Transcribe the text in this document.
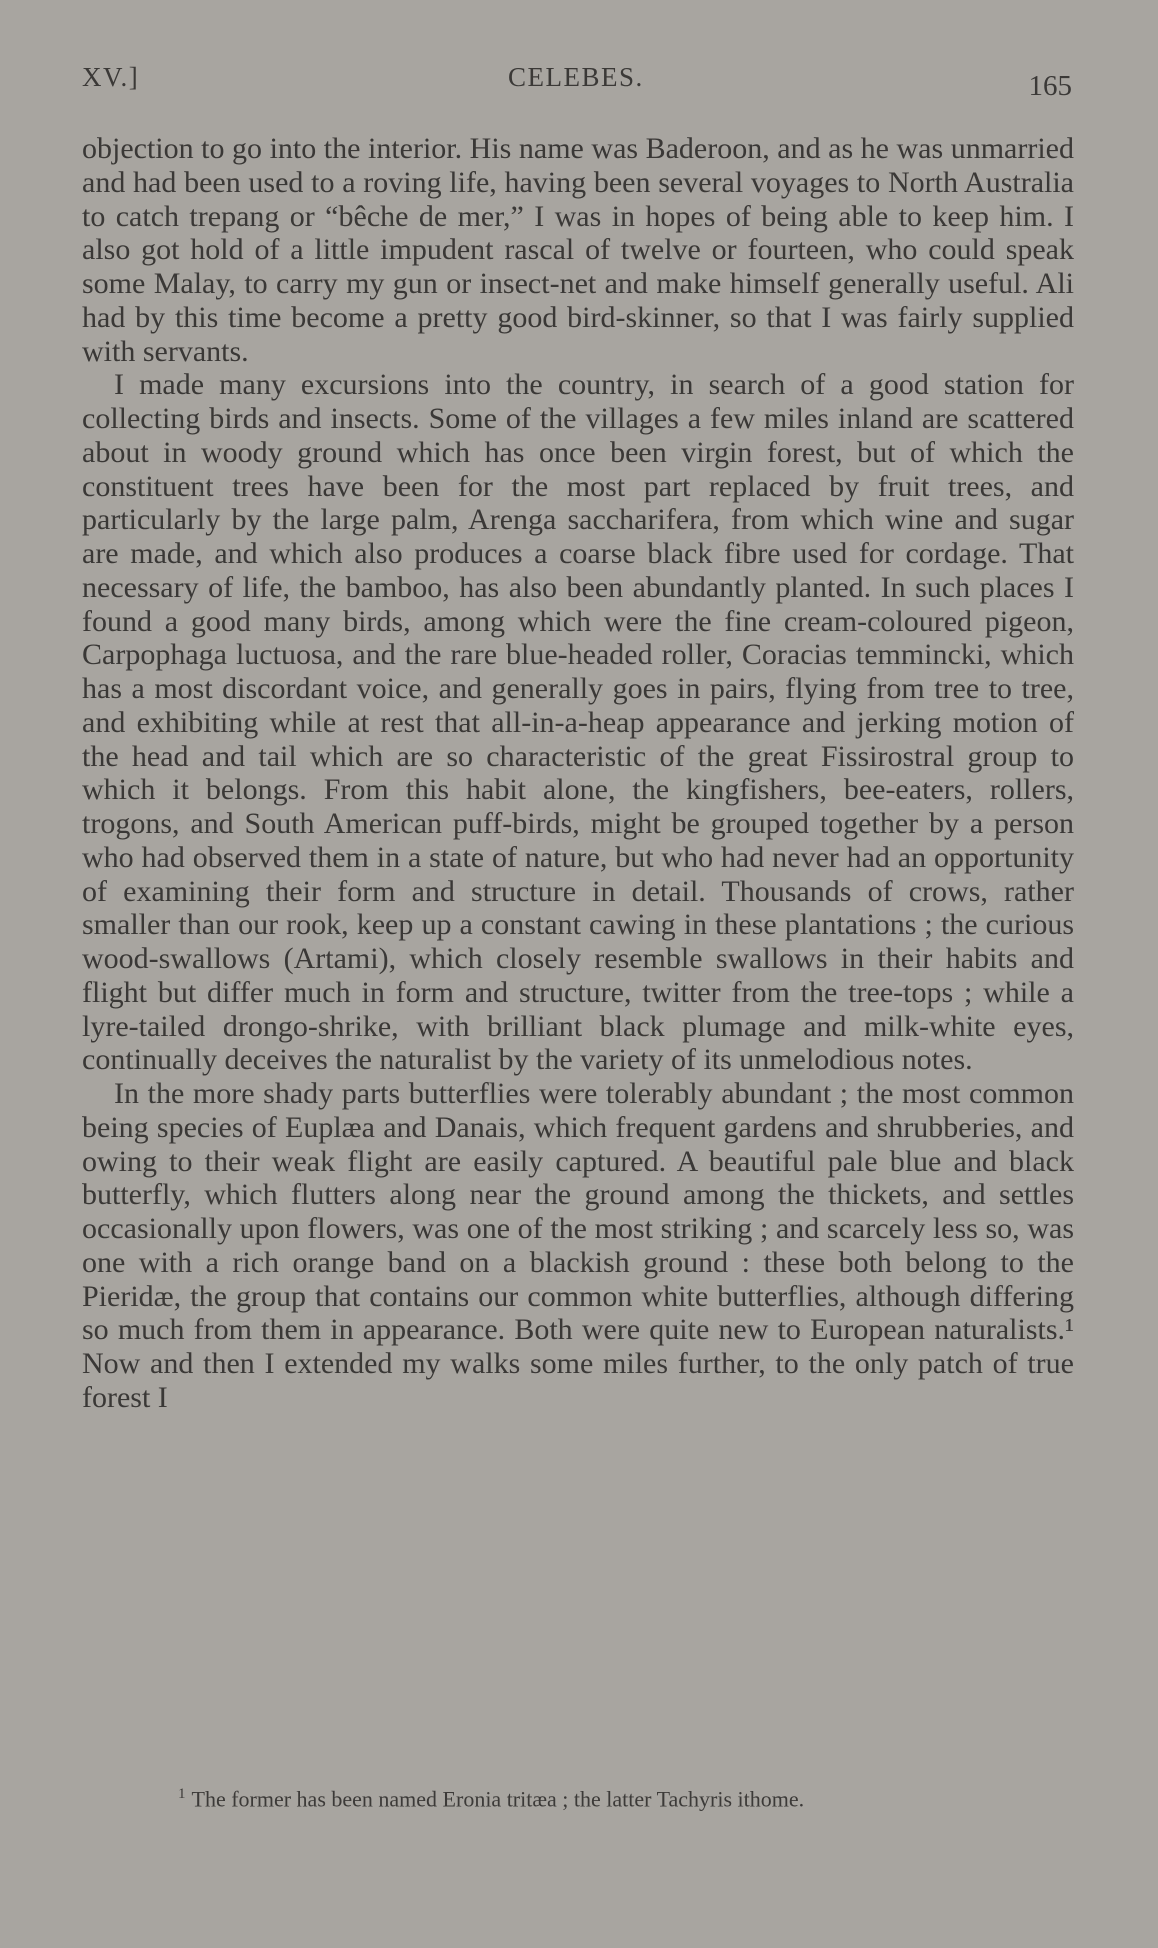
XV.]	CELEBES.	165

objection to go into the interior. His name was Baderoon, and as he was unmarried and had been used to a roving life, having been several voyages to North Australia to catch trepang or “bêche de mer,” I was in hopes of being able to keep him. I also got hold of a little impudent rascal of twelve or fourteen, who could speak some Malay, to carry my gun or insect-net and make himself generally useful. Ali had by this time become a pretty good bird-skinner, so that I was fairly supplied with servants.

I made many excursions into the country, in search of a good station for collecting birds and insects. Some of the villages a few miles inland are scattered about in woody ground which has once been virgin forest, but of which the constituent trees have been for the most part replaced by fruit trees, and particularly by the large palm, Arenga saccharifera, from which wine and sugar are made, and which also produces a coarse black fibre used for cordage. That necessary of life, the bamboo, has also been abundantly planted. In such places I found a good many birds, among which were the fine cream-coloured pigeon, Carpophaga luctuosa, and the rare blue-headed roller, Coracias temmincki, which has a most discordant voice, and generally goes in pairs, flying from tree to tree, and exhibiting while at rest that all-in-a-heap appearance and jerking motion of the head and tail which are so characteristic of the great Fissirostral group to which it belongs. From this habit alone, the kingfishers, bee-eaters, rollers, trogons, and South American puff-birds, might be grouped together by a person who had observed them in a state of nature, but who had never had an opportunity of examining their form and structure in detail. Thousands of crows, rather smaller than our rook, keep up a constant cawing in these plantations ; the curious wood-swallows (Artami), which closely resemble swallows in their habits and flight but differ much in form and structure, twitter from the tree-tops ; while a lyre-tailed drongo-shrike, with brilliant black plumage and milk-white eyes, continually deceives the naturalist by the variety of its unmelodious notes.

In the more shady parts butterflies were tolerably abundant ; the most common being species of Euplæa and Danais, which frequent gardens and shrubberies, and owing to their weak flight are easily captured. A beautiful pale blue and black butterfly, which flutters along near the ground among the thickets, and settles occasionally upon flowers, was one of the most striking ; and scarcely less so, was one with a rich orange band on a blackish ground : these both belong to the Pieridæ, the group that contains our common white butterflies, although differing so much from them in appearance. Both were quite new to European naturalists.¹ Now and then I extended my walks some miles further, to the only patch of true forest I

$^1$ The former has been named Eronia tritæa ; the latter Tachyris ithome.
